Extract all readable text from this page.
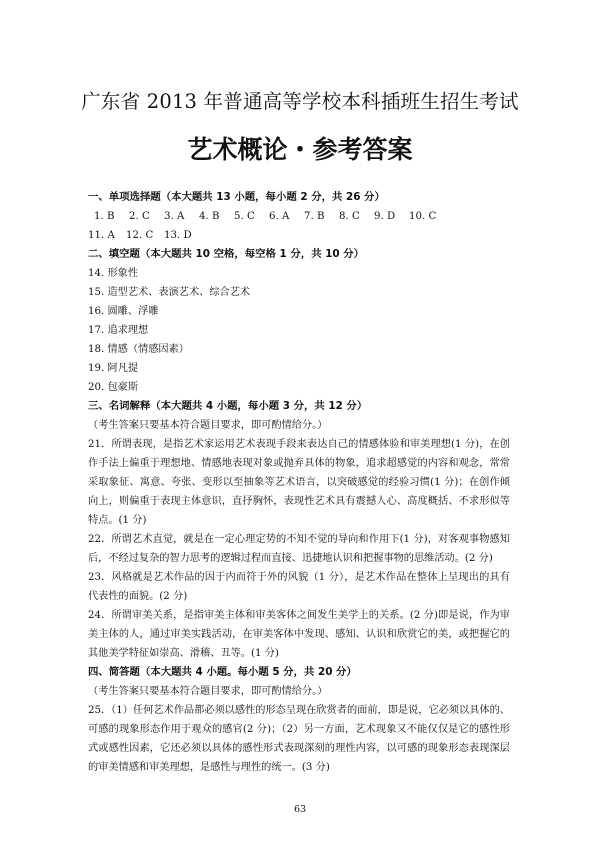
广东省 2013 年普通高等学校本科插班生招生考试
艺术概论・参考答案
一、单项选择题（本大题共 13 小题，每小题 2 分，共 26 分）
1. B	2. C	3. A	4. B	5. C	6. A	7. B	8. C	9. D	10. C
11. A	12. C	13. D
二、填空题（本大题共 10 空格，每空格 1 分，共 10 分）
14. 形象性
15. 造型艺术、表演艺术、综合艺术
16. 圆雕、浮雕
17. 追求理想
18. 情感（情感因素）
19. 阿凡提
20. 包豪斯
三、名词解释（本大题共 4 小题，每小题 3 分，共 12 分）
（考生答案只要基本符合题目要求，即可酌情给分。）
21．所谓表现，是指艺术家运用艺术表现手段来表达自己的情感体验和审美理想(1 分)，在创作手法上偏重于理想地、情感地表现对象或抛弃具体的物象，追求超感觉的内容和观念，常常采取象征、寓意、夸张、变形以至抽象等艺术语言，以突破感觉的经验习惯(1 分)；在创作倾向上，则偏重于表现主体意识，直抒胸怀，表现性艺术具有震撼人心、高度概括、不求形似等特点。(1 分)
22．所谓艺术直觉，就是在一定心理定势的不知不觉的导向和作用下(1 分)，对客观事物感知后，不经过复杂的智力思考的逻辑过程而直接、迅捷地认识和把握事物的思维活动。(2 分)
23．风格就是艺术作品的因于内而符于外的风貌（1 分），是艺术作品在整体上呈现出的具有代表性的面貌。(2 分)
24．所谓审美关系，是指审美主体和审美客体之间发生美学上的关系。(2 分)即是说，作为审美主体的人，通过审美实践活动，在审美客体中发现、感知、认识和欣赏它的美，或把握它的其他美学特征如崇高、滑稽、丑等。(1 分)
四、简答题（本大题共 4 小题。每小题 5 分，共 20 分）
（考生答案只要基本符合题目要求，即可酌情给分。）
25．（1）任何艺术作品都必须以感性的形态呈现在欣赏者的面前，即是说，它必须以具体的、可感的现象形态作用于观众的感官(2 分)；（2）另一方面，艺术现象又不能仅仅是它的感性形式或感性因素，它还必须以具体的感性形式表现深刻的理性内容，以可感的现象形态表现深层的审美情感和审美理想，是感性与理性的统一。(3 分)
63
